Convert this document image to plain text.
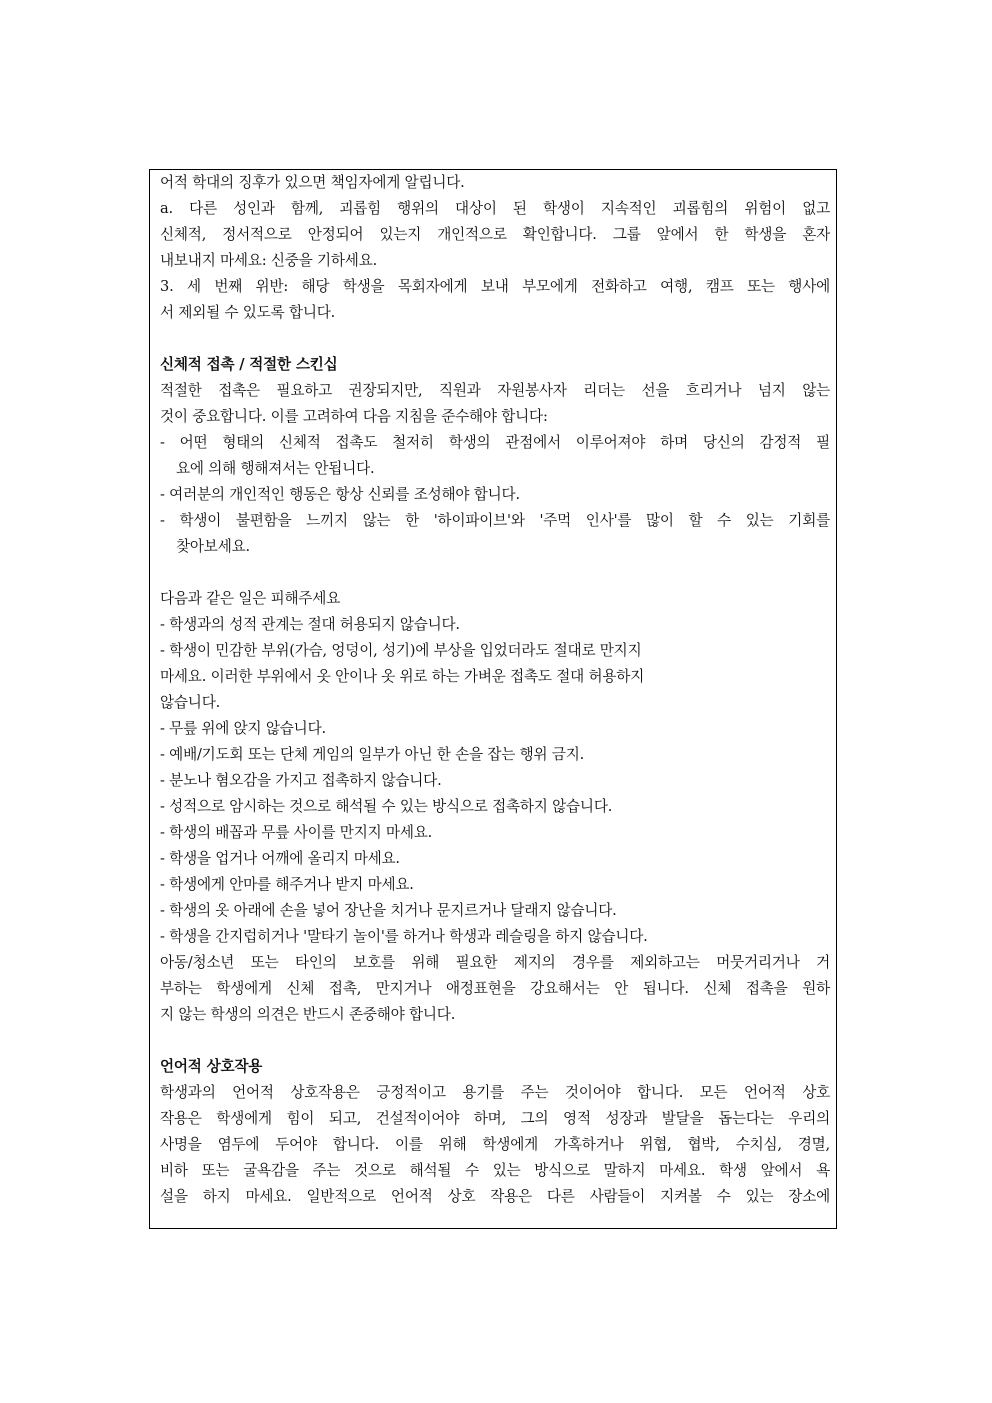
어적 학대의 징후가 있으면 책임자에게 알립니다.
a. 다른 성인과 함께, 괴롭힘 행위의 대상이 된 학생이 지속적인 괴롭힘의 위험이 없고
신체적, 정서적으로 안정되어 있는지 개인적으로 확인합니다. 그룹 앞에서 한 학생을 혼자
내보내지 마세요: 신중을 기하세요.
3. 세 번째 위반: 해당 학생을 목회자에게 보내 부모에게 전화하고 여행, 캠프 또는 행사에
서 제외될 수 있도록 합니다.
신체적 접촉 / 적절한 스킨십
적절한 접촉은 필요하고 권장되지만, 직원과 자원봉사자 리더는 선을 흐리거나 넘지 않는
것이 중요합니다. 이를 고려하여 다음 지침을 준수해야 합니다:
- 어떤 형태의 신체적 접촉도 철저히 학생의 관점에서 이루어져야 하며 당신의 감정적 필
요에 의해 행해져서는 안됩니다.
- 여러분의 개인적인 행동은 항상 신뢰를 조성해야 합니다.
- 학생이 불편함을 느끼지 않는 한 '하이파이브'와 '주먹 인사'를 많이 할 수 있는 기회를
찾아보세요.
다음과 같은 일은 피해주세요
- 학생과의 성적 관계는 절대 허용되지 않습니다.
- 학생이 민감한 부위(가슴, 엉덩이, 성기)에 부상을 입었더라도 절대로 만지지
마세요. 이러한 부위에서 옷 안이나 옷 위로 하는 가벼운 접촉도 절대 허용하지
않습니다.
- 무릎 위에 앉지 않습니다.
- 예배/기도회 또는 단체 게임의 일부가 아닌 한 손을 잡는 행위 금지.
- 분노나 혐오감을 가지고 접촉하지 않습니다.
- 성적으로 암시하는 것으로 해석될 수 있는 방식으로 접촉하지 않습니다.
- 학생의 배꼽과 무릎 사이를 만지지 마세요.
- 학생을 업거나 어깨에 올리지 마세요.
- 학생에게 안마를 해주거나 받지 마세요.
- 학생의 옷 아래에 손을 넣어 장난을 치거나 문지르거나 달래지 않습니다.
- 학생을 간지럽히거나 '말타기 놀이'를 하거나 학생과 레슬링을 하지 않습니다.
아동/청소년 또는 타인의 보호를 위해 필요한 제지의 경우를 제외하고는 머뭇거리거나 거
부하는 학생에게 신체 접촉, 만지거나 애정표현을 강요해서는 안 됩니다. 신체 접촉을 원하
지 않는 학생의 의견은 반드시 존중해야 합니다.
언어적 상호작용
학생과의 언어적 상호작용은 긍정적이고 용기를 주는 것이어야 합니다. 모든 언어적 상호
작용은 학생에게 힘이 되고, 건설적이어야 하며, 그의 영적 성장과 발달을 돕는다는 우리의
사명을 염두에 두어야 합니다. 이를 위해 학생에게 가혹하거나 위협, 협박, 수치심, 경멸,
비하 또는 굴욕감을 주는 것으로 해석될 수 있는 방식으로 말하지 마세요. 학생 앞에서 욕
설을 하지 마세요. 일반적으로 언어적 상호 작용은 다른 사람들이 지켜볼 수 있는 장소에
